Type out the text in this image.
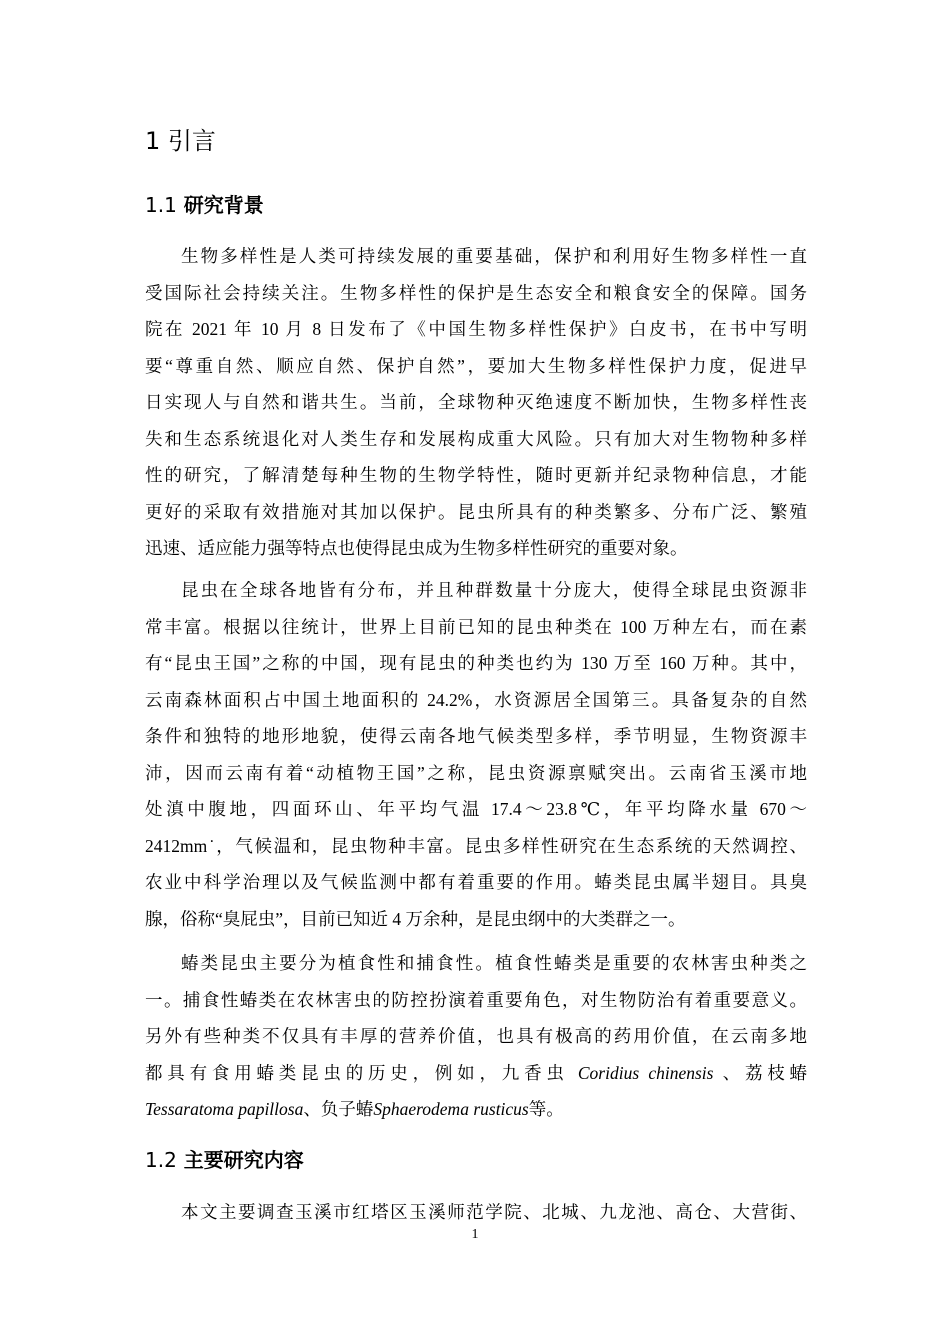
1 引言
1.1 研究背景
生物多样性是人类可持续发展的重要基础，保护和利用好生物多样性一直
受国际社会持续关注。生物多样性的保护是生态安全和粮食安全的保障。国务
院在 2021 年 10 月 8 日发布了《中国生物多样性保护》白皮书，在书中写明
要“尊重自然、顺应自然、保护自然”，要加大生物多样性保护力度，促进早
日实现人与自然和谐共生。当前，全球物种灭绝速度不断加快，生物多样性丧
失和生态系统退化对人类生存和发展构成重大风险。只有加大对生物物种多样
性的研究，了解清楚每种生物的生物学特性，随时更新并纪录物种信息，才能
更好的采取有效措施对其加以保护。昆虫所具有的种类繁多、分布广泛、繁殖
迅速、适应能力强等特点也使得昆虫成为生物多样性研究的重要对象。
昆虫在全球各地皆有分布，并且种群数量十分庞大，使得全球昆虫资源非
常丰富。根据以往统计，世界上目前已知的昆虫种类在 100 万种左右，而在素
有“昆虫王国”之称的中国，现有昆虫的种类也约为 130 万至 160 万种。其中，
云南森林面积占中国土地面积的 24.2%，水资源居全国第三。具备复杂的自然
条件和独特的地形地貌，使得云南各地气候类型多样，季节明显，生物资源丰
沛，因而云南有着“动植物王国”之称，昆虫资源禀赋突出。云南省玉溪市地
处滇中腹地，四面环山、年平均气温 17.4～23.8℃，年平均降水量 670～
2412mm˙，气候温和，昆虫物种丰富。昆虫多样性研究在生态系统的天然调控、
农业中科学治理以及气候监测中都有着重要的作用。蝽类昆虫属半翅目。具臭
腺，俗称“臭屁虫”，目前已知近 4 万余种，是昆虫纲中的大类群之一。
蝽类昆虫主要分为植食性和捕食性。植食性蝽类是重要的农林害虫种类之
一。捕食性蝽类在农林害虫的防控扮演着重要角色，对生物防治有着重要意义。
另外有些种类不仅具有丰厚的营养价值，也具有极高的药用价值，在云南多地
都具有食用蝽类昆虫的历史，例如，九香虫 Coridius chinensis 、荔枝蝽
Tessaratoma papillosa、负子蝽Sphaerodema rusticus等。
1.2 主要研究内容
本文主要调查玉溪市红塔区玉溪师范学院、北城、九龙池、高仓、大营街、
1
